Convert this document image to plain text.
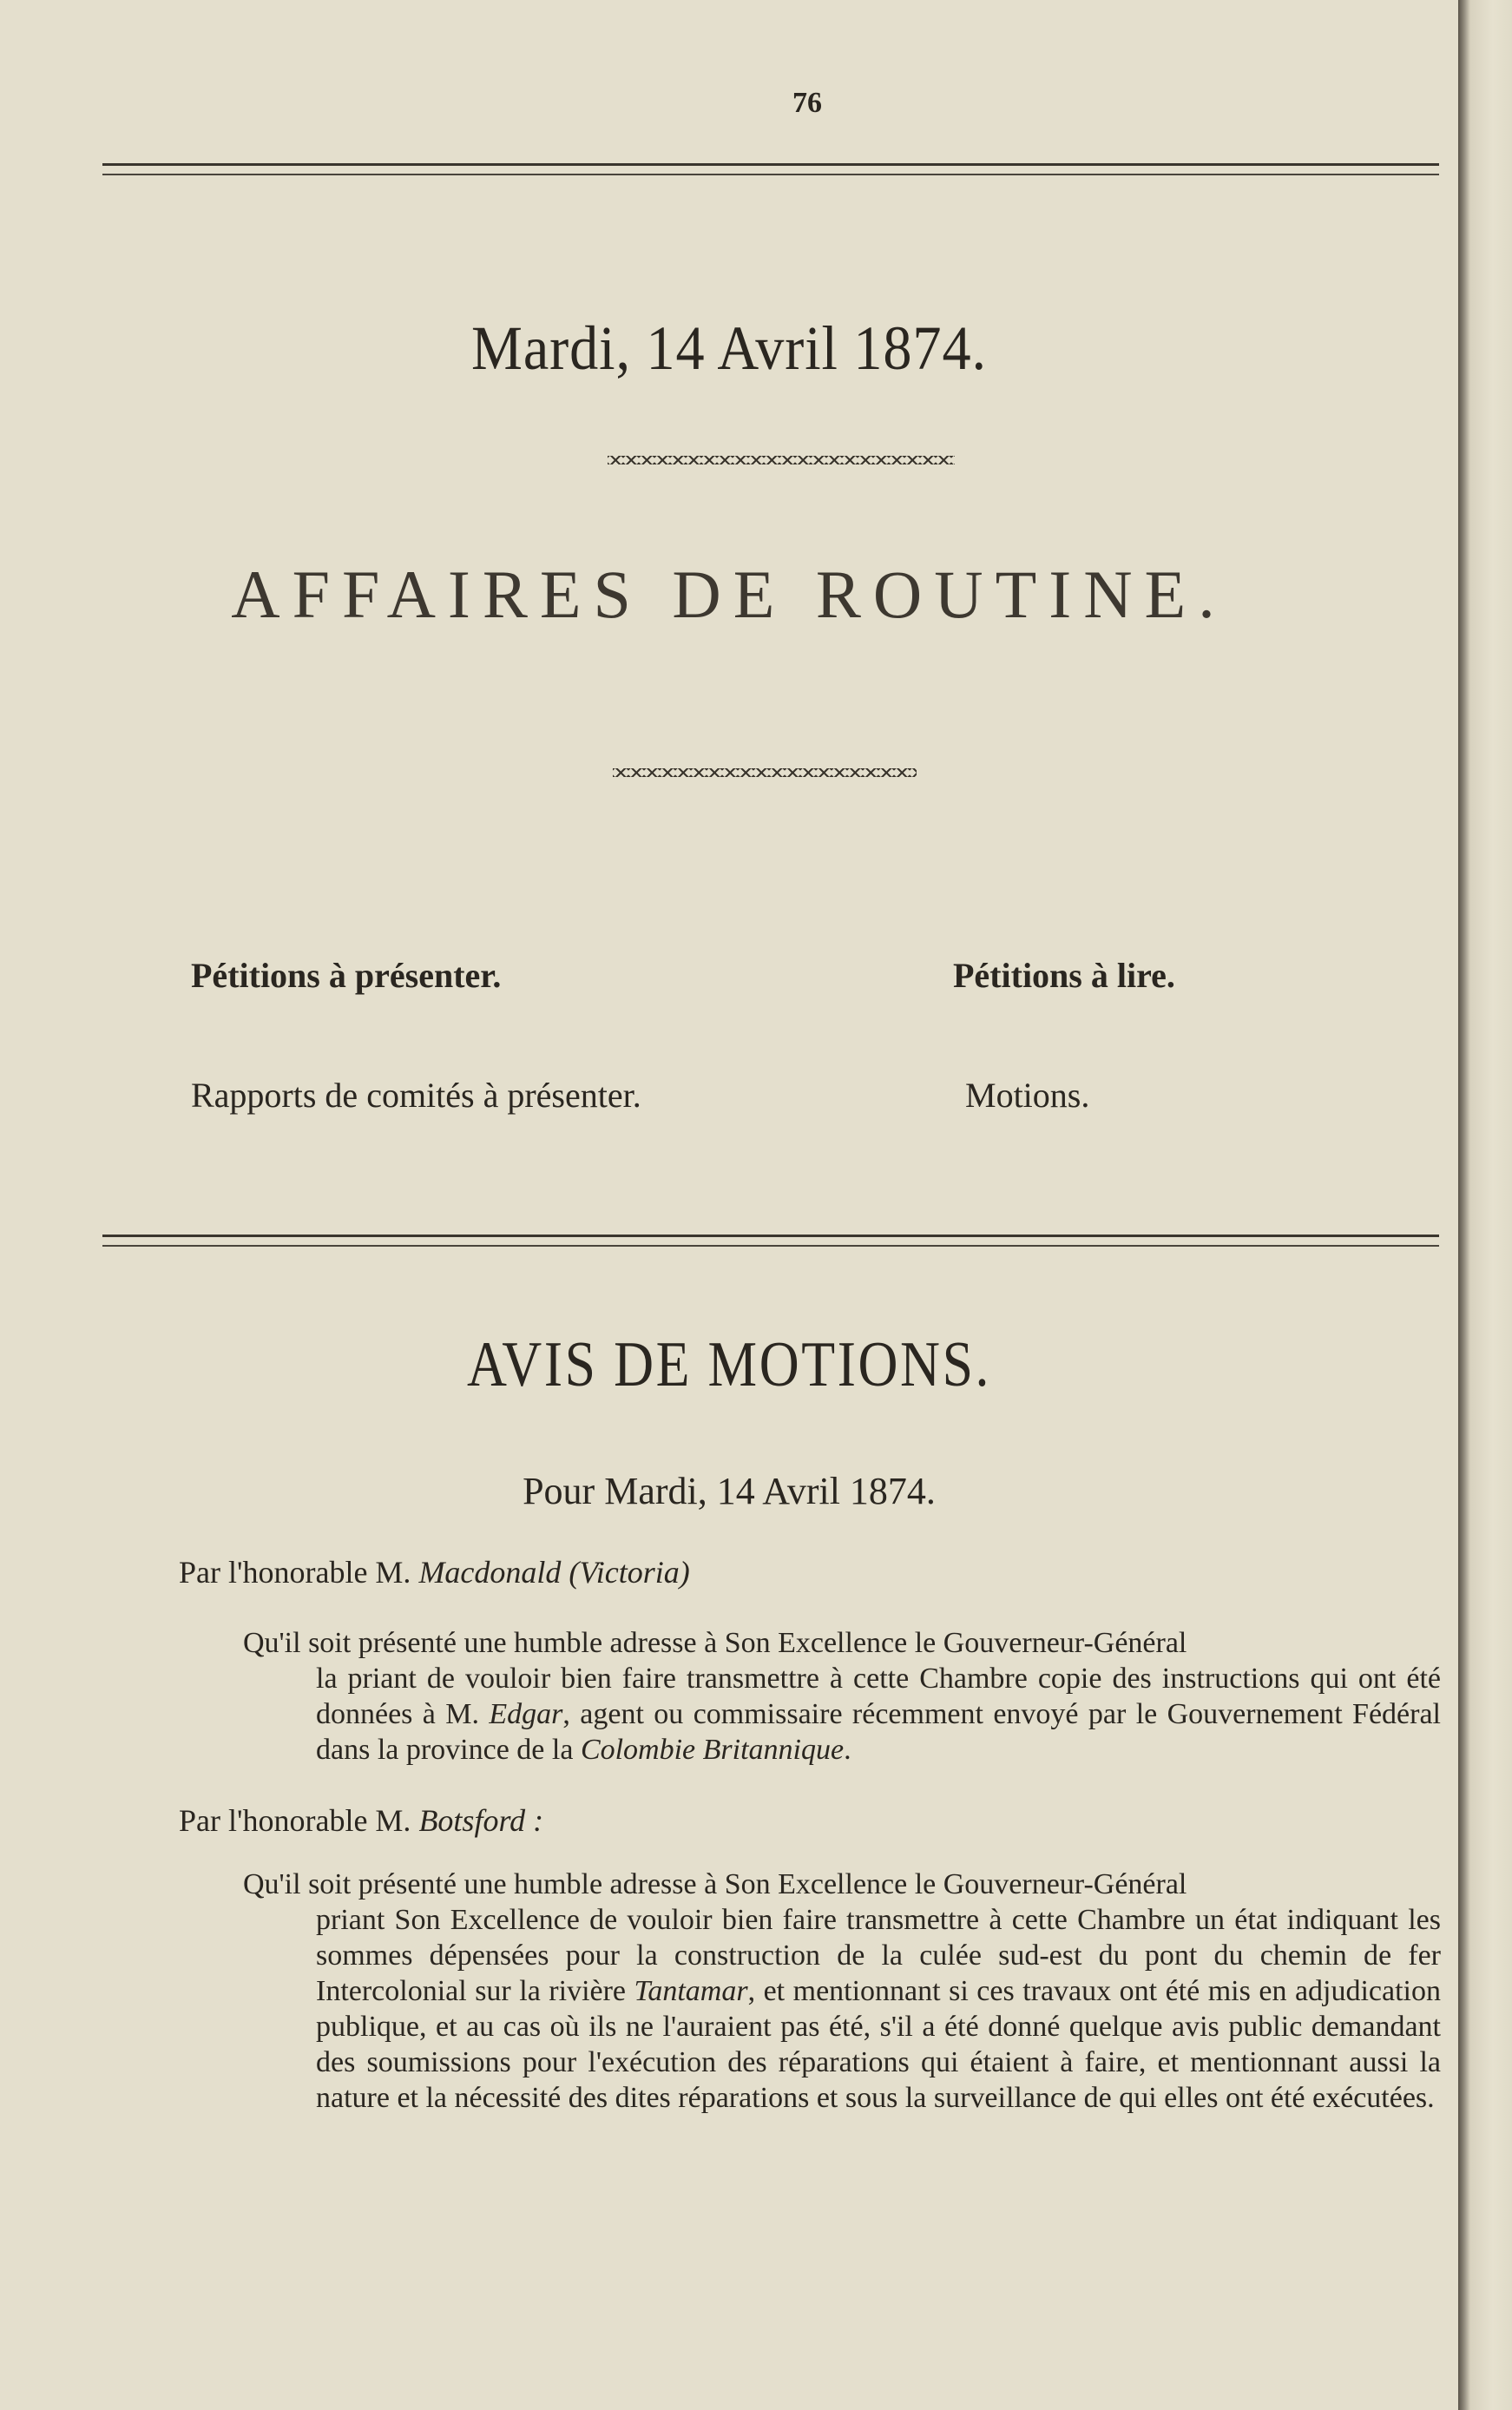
76
Mardi, 14 Avril 1874.
AFFAIRES DE ROUTINE.
Pétitions à présenter.	Pétitions à lire.
Rapports de comités à présenter.	Motions.
AVIS DE MOTIONS.
Pour Mardi, 14 Avril 1874.
Par l'honorable M. Macdonald (Victoria)

Qu'il soit présenté une humble adresse à Son Excellence le Gouverneur-Général

la priant de vouloir bien faire transmettre à cette Chambre copie des instructions qui ont été données à M. Edgar, agent ou commissaire récemment envoyé par le Gouvernement Fédéral dans la province de la Colombie Britannique.

Par l'honorable M. Botsford :

Qu'il soit présenté une humble adresse à Son Excellence le Gouverneur-Général

priant Son Excellence de vouloir bien faire transmettre à cette Chambre un état indiquant les sommes dépensées pour la construction de la culée sud-est du pont du chemin de fer Intercolonial sur la rivière Tantamar, et mentionnant si ces travaux ont été mis en adjudication publique, et au cas où ils ne l'auraient pas été, s'il a été donné quelque avis public demandant des soumissions pour l'exécution des réparations qui étaient à faire, et mentionnant aussi la nature et la nécessité des dites réparations et sous la surveillance de qui elles ont été exécutées.
